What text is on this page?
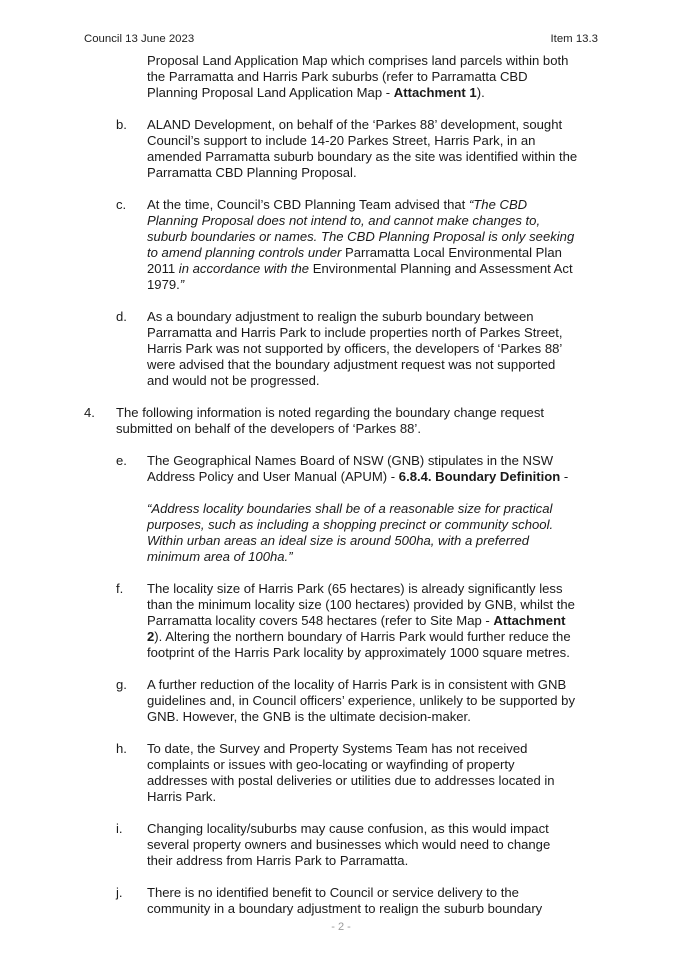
Council 13 June 2023	Item 13.3
Proposal Land Application Map which comprises land parcels within both
the Parramatta and Harris Park suburbs (refer to Parramatta CBD
Planning Proposal Land Application Map - Attachment 1).
b. ALAND Development, on behalf of the ‘Parkes 88’ development, sought
Council’s support to include 14-20 Parkes Street, Harris Park, in an
amended Parramatta suburb boundary as the site was identified within the
Parramatta CBD Planning Proposal.
c. At the time, Council’s CBD Planning Team advised that “The CBD
Planning Proposal does not intend to, and cannot make changes to,
suburb boundaries or names. The CBD Planning Proposal is only seeking
to amend planning controls under Parramatta Local Environmental Plan
2011 in accordance with the Environmental Planning and Assessment Act
1979.”
d. As a boundary adjustment to realign the suburb boundary between
Parramatta and Harris Park to include properties north of Parkes Street,
Harris Park was not supported by officers, the developers of ‘Parkes 88’
were advised that the boundary adjustment request was not supported
and would not be progressed.
4. The following information is noted regarding the boundary change request
submitted on behalf of the developers of ‘Parkes 88’.
e. The Geographical Names Board of NSW (GNB) stipulates in the NSW
Address Policy and User Manual (APUM) - 6.8.4. Boundary Definition -
“Address locality boundaries shall be of a reasonable size for practical
purposes, such as including a shopping precinct or community school.
Within urban areas an ideal size is around 500ha, with a preferred
minimum area of 100ha.”
f. The locality size of Harris Park (65 hectares) is already significantly less
than the minimum locality size (100 hectares) provided by GNB, whilst the
Parramatta locality covers 548 hectares (refer to Site Map - Attachment
2). Altering the northern boundary of Harris Park would further reduce the
footprint of the Harris Park locality by approximately 1000 square metres.
g. A further reduction of the locality of Harris Park is in consistent with GNB
guidelines and, in Council officers’ experience, unlikely to be supported by
GNB. However, the GNB is the ultimate decision-maker.
h. To date, the Survey and Property Systems Team has not received
complaints or issues with geo-locating or wayfinding of property
addresses with postal deliveries or utilities due to addresses located in
Harris Park.
i. Changing locality/suburbs may cause confusion, as this would impact
several property owners and businesses which would need to change
their address from Harris Park to Parramatta.
j. There is no identified benefit to Council or service delivery to the
community in a boundary adjustment to realign the suburb boundary
- 2 -
